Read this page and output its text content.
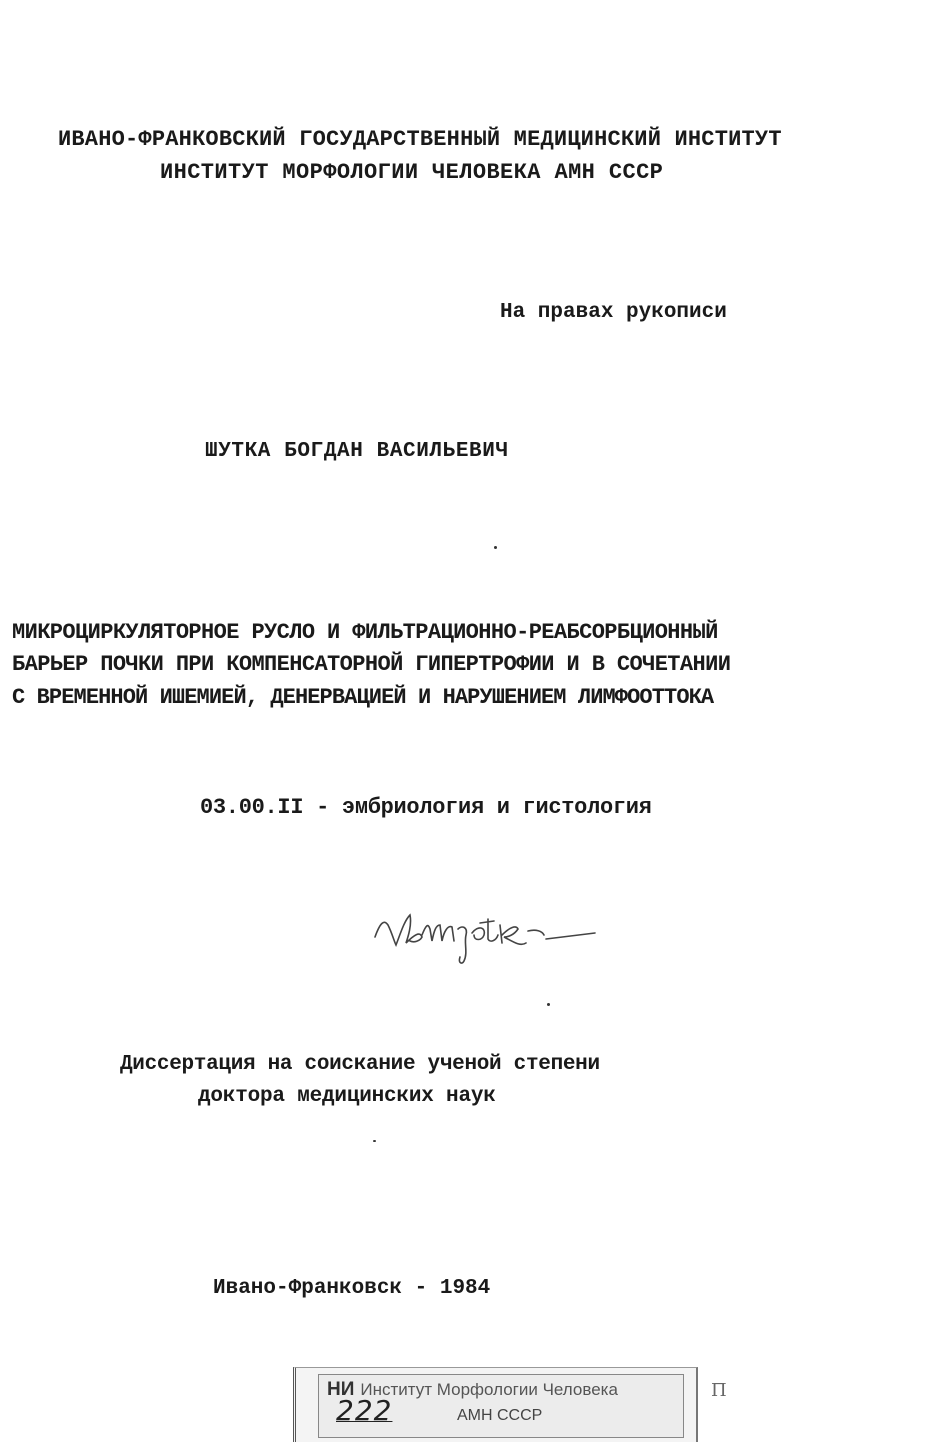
ИВАНО-ФРАНКОВСКИЙ ГОСУДАРСТВЕННЫЙ МЕДИЦИНСКИЙ ИНСТИТУТ
ИНСТИТУТ МОРФОЛОГИИ ЧЕЛОВЕКА АМН СССР
На правах рукописи
ШУТКА БОГДАН ВАСИЛЬЕВИЧ
МИКРОЦИРКУЛЯТОРНОЕ РУСЛО И ФИЛЬТРАЦИОННО-РЕАБСОРБЦИОННЫЙ
БАРЬЕР ПОЧКИ ПРИ КОМПЕНСАТОРНОЙ ГИПЕРТРОФИИ И В СОЧЕТАНИИ
С ВРЕМЕННОЙ ИШЕМИЕЙ, ДЕНЕРВАЦИЕЙ И НАРУШЕНИЕМ ЛИМФООТТОКА
03.00.II - эмбриология и гистология
Диссертация на соискание ученой степени
доктора медицинских наук
Ивано-Франковск - 1984
НИ Институт Морфологии Человека
АМН СССР
222
П
